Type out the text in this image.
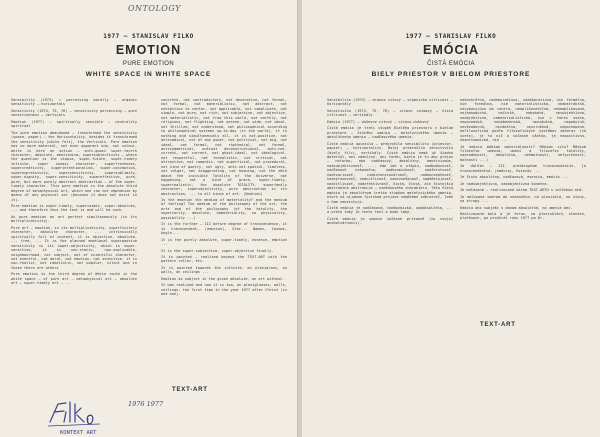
ONTOLOGY
1977 — STANISLAV FILKO
EMOTION
PURE EMOTION
WHITE SPACE IN WHITE SPACE

Sensibility (1973) = perceiving morally — organic sensitivity — horizontals

Sensitivity (1974, 75, 76) — sensitivity perceiving — pure sensitiveness — verticals

Emotion (1977) — spiritually sensible — neutrality spiritual

The pure emotion abandoned — transformed the sensitivity (space, paper) — the Horizontality, besides it transformed the sensitivity (white felt), the Verticals. Pure emotion has no more material, not even apparent one, not colour, white is here an action — anti-quasi super-fourth character, absolute, emotionism, supersubjectivity — where the question is the utopia, super-future, super-timely infinite, super cosmic character, superfreshness, supercreativity, superintentionalism, super-conception, superexpressivity, supersensitivity, supersublimity, super-dignity, super-sensitivity, supereffective, pure, pure, but more purely abstract abstraction — of the super-timely character. This pure emotion is the absolute third degree of metaphysical art, which one can not emphasise by means of any physical act (because it does not exist in it).

Pure emotion is super-timely, supercosmic, super-absolute, ... and therefore thus the text is and will be such.

As pure emotion an art perfect simultaneously (in its multiplicativity).

Pure art — emotion, in its multiplicativity, superfinitely character, absolute character, ... intrinsically spiritually full of content, it is objective, absolute, ... free, ... It is the planned emotional superpassive sensitivity in its super-objectivity, which is super-sensitive, it is non-static, non-explicable, neighbourhood, not subject, not of scientific character, not eventful, not moral, not emotion, not sensitive, it is non-realist, not idealistic, not popular, silent and in these there are others

Pure emotion is the third degree of White route in the white space — of pure art — metaphysical art — absolute art — super-timely art — ...

concrete, not contradictory, not decorative, not formal, not formal, not materialistic, not abstract, not exhibitive to center, not applicable, not complicate, not simple, not pure, not rich, not subjective, not objective, not materialistic, not from this world, not earthly, not religious, not flighting, not serene, not wide, not ideal, not thrilled, not understood, not philosophical according to philosophical systems up-to-day (in the world), it is nothing and simultaneously all, it is not-positive, not antinomical, not of any power, not political, not big, not ideal, not formal, not rhythmical, not formal, antisymmetrical, antinot deconstructional, anti-not-current, not current, not ghost-ideal, not ideological, not respectful, not formalistic, not critical, not attractive, not romantic, not superficial, not procedural, not kind of poetry, not ugly, anti-not-spatial, timeless, not vulgar, not exaggerating, not knowing, not the able about the invisible Totality of the Universe, not happening, not a kind of grace, super-timely, superrealistic, the absolute TOTALITY, superfamily character, superobjectivity, pure abstraction in its abstraction, ... to all kinds of art. (Emotion)

Is the emotion the medium of materiality? and the medium of feeling? The medium of the philosophy of the art, the arts and of the philosophy (of the totality, the superiority, absolute, immateriality, so physicality, possibility ...)

It is the further — III before degree of transcendence, it is transcendent, (emotion), Star... Names, Cosmos, Angle...

It is the purely absolute, super-timely, essence, emotion ...

It is the super-subjective, super-objective finally.

It is painted — realised beyond the TEXT-ART with the pattern roller, etc.

It is painted towards the infinite, on plexiglass, on walls, on ceilings ...

Emotion as subject in the given absolute, on art without.

It was realised and now it is too, on plexiglasses, walls, ceilings: the first time in the year 1977 after Christ (in one one).

TEXT-ART
KONTEXT ART
1976 1977
1977 — STANISLAV FILKO
EMÓCIA
ČISTÁ EMÓCIA
BIELY PRIESTOR V BIELOM PRIESTORE

Senzibilita (1973) — mravne citový — organická citlivost — horizontály

Senzitivita (1974, 75, 76) — citove vnímavý — čistá citlivost — vertikály

Emócia (1977) — duševne citový — citovo-duševný

Čistá emócia je tretí stupeň Bielého priestoru v bielom priestore — čistého umenia — metafyzického umenia — absolútneho umenia — nadčasového umenia.

Čistá emócia opustila — prekročila senzibilitu (priestor, papier) — horizontalitu. Ďalej prekročila senzitivitu (biely filc), vertikály. Čistá emócia nemá už žiadne materiál, ani zdanlivý, ani farbu, biela je tu ako prejav — nefarba, ako nadčasový, absolútny, emotivizmus, nadsubjektívnosť, ..., kde ide o utópiu, nadbudúcnosť, nadčasové nekonečno, nadkozmickosť, nadčerstvosť, nadtvorivosť, nadintencionálnosť, nadkoncepčnosť, nadvýrazovosť, nadcitlivosť, nadvznešenosť, naddôstojnosť, nadcitlivosť, nadefektívnosť, čistá, čistá, ale čistejšia abstraktná abstrakcia — nadčasového charakteru. Táto čistá emócia je absolútnym tretím stupňom metafyzického umenia, ktorú na nijakom fyzickom prejave nemôžeme zdôrazniť, lebo v ňom neexistuje.

Čistá emócia je nadčasová, nadkozmická, nadabsolútna, ... a preto taký je tento text a bude taký.

Čistá emócia je umenie súčasne prítomné (vo svojej mnohotvárnosti).

nekonkrétna, nedekoratívna, nadekoratívna, nie formálna, nie formálna, nie materialistická, neabstraktná, nevybavujúca do centra, neaplikovateľná, nekomplikovaná, nejednoduchá, nečistá, nebohatá, nesubjektívna, neobjektívna, nematerialistická, nie z tohto sveta, nepozemská, nenáboženská, nevzdušná, nepokojná, nevšeobecná, neideálna, nevzrušená, nepochopená, nefilozofická podľa filozofických systémov doteraz (vo svete), je to nič a súčasne všetko, je nepozitívna, neantinomická, nie ...

Je emócia médiom materiálnosti? Médiom citu? Médiom filozofie umenia, umení a filozofie totality, nadradenosti, absolútna, nehmotnosti, nefyzičnosti, možnosti ...)

Je ďalším — III. predstupňom transcendencie, je transcendentná, (emócia), Hviezdy ...

Je čisto absolútna, nadčasová, esencia, emócia ...

Je nadsubjektívna, nadobjektívna konečne.

Je maľovaná — realizovaná okrem TEXT-ARTU s valčekom atď.

Je maľovaná smerom do nekonečna, na plexisklá, na steny, na stropy ...

Emócia ako subjekt v danom absolútne, na umenie bez.

Realizovaná bola a je teraz, na plexisklách, stenách, plafónoch, po prvýkrát roku 1977 po Kr.

TEXT-ART
